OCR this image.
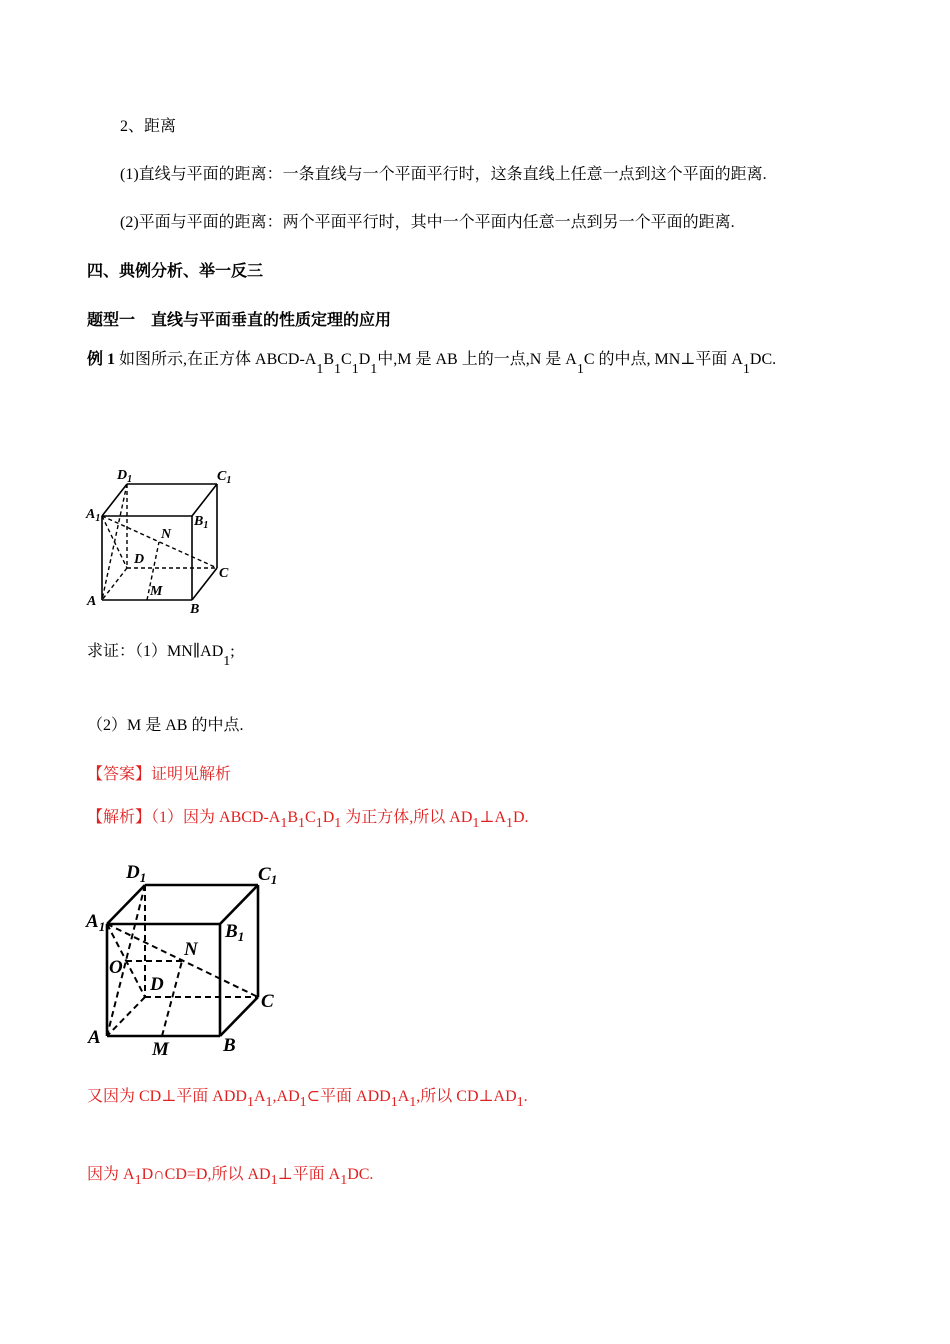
2、距离
(1)直线与平面的距离：一条直线与一个平面平行时，这条直线上任意一点到这个平面的距离.
(2)平面与平面的距离：两个平面平行时，其中一个平面内任意一点到另一个平面的距离.
四、典例分析、举一反三
题型一　直线与平面垂直的性质定理的应用
例 1 如图所示,在正方体 ABCD-A1B1C1D1中,M 是 AB 上的一点,N 是 A1C 的中点, MN⊥平面 A1DC.
$D_1$	$C_1$
$A_1$	$B_1$
N
D
C
M
A
B
求证：（1）MN∥AD1;
（2）M 是 AB 的中点.
【答案】证明见解析
【解析】（1）因为 ABCD-A1B1C1D1 为正方体,所以 AD1⊥A1D.
$D_1$	$C_1$
$A_1$	$B_1$
N
O
D
C
M
A	B
又因为 CD⊥平面 ADD1A1,AD1⊂平面 ADD1A1,所以 CD⊥AD1.
因为 A1D∩CD=D,所以 AD1⊥平面 A1DC.
